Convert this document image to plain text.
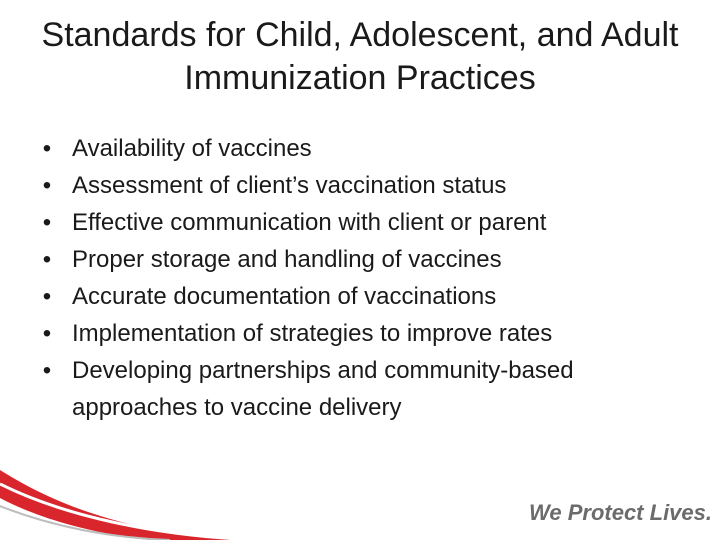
Standards for Child, Adolescent, and Adult
Immunization Practices
• Availability of vaccines
• Assessment of client’s vaccination status
• Effective communication with client or parent
• Proper storage and handling of vaccines
• Accurate documentation of vaccinations
• Implementation of strategies to improve rates
• Developing partnerships and community-based approaches to vaccine delivery
We Protect Lives.
